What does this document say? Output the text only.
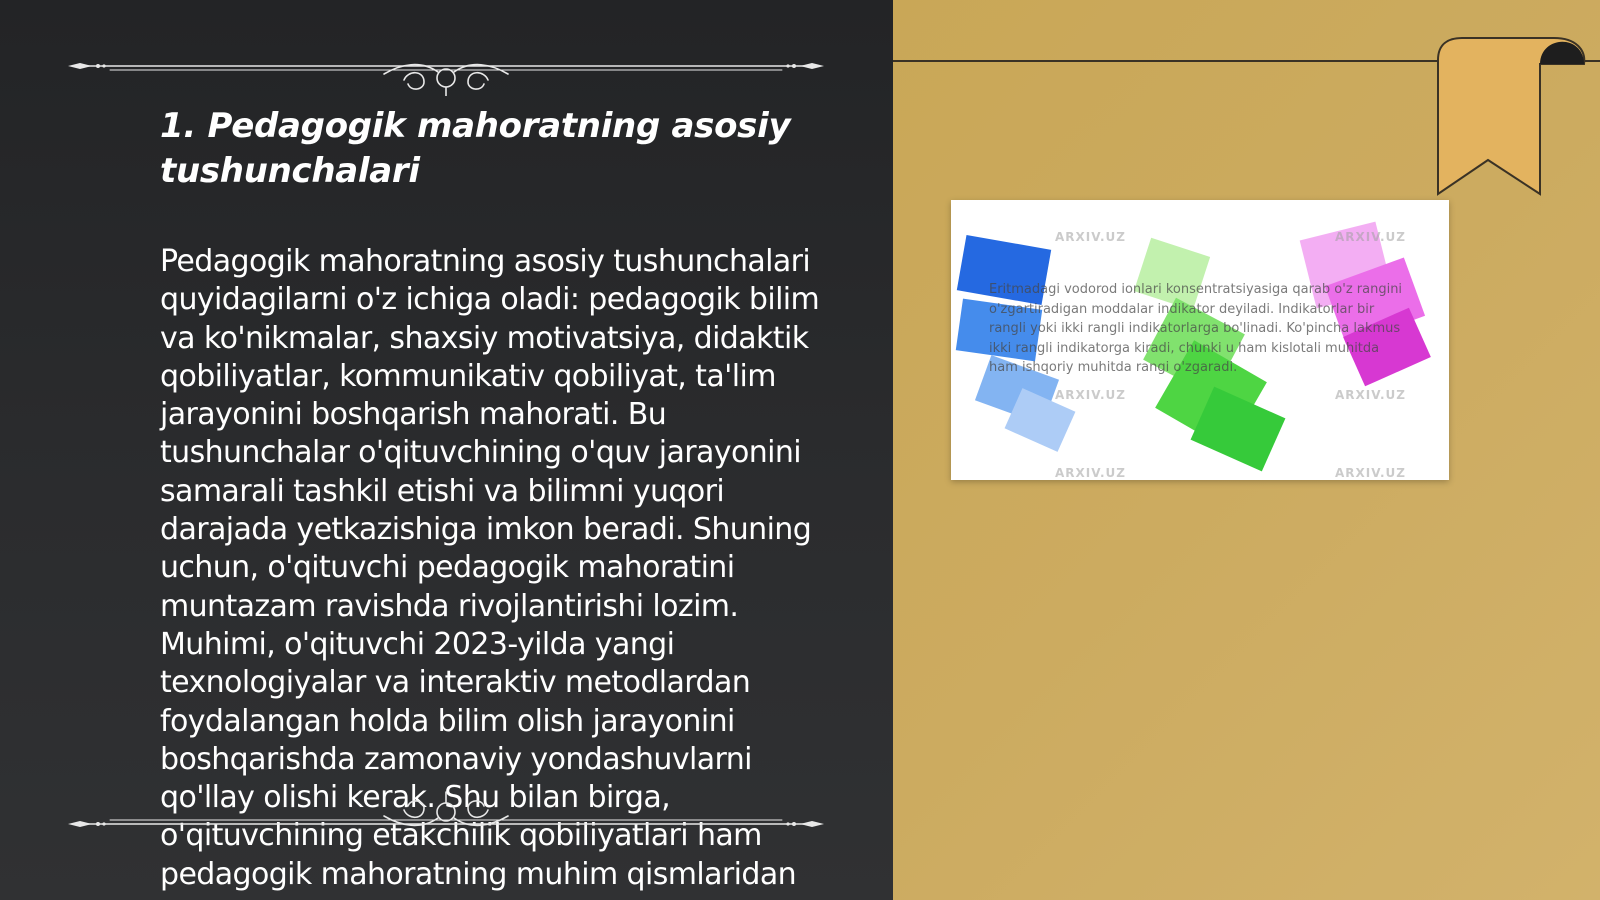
1. Pedagogik mahoratning asosiy tushunchalari

Pedagogik mahoratning asosiy tushunchalari quyidagilarni o'z ichiga oladi: pedagogik bilim va ko'nikmalar, shaxsiy motivatsiya, didaktik qobiliyatlar, kommunikativ qobiliyat, ta'lim jarayonini boshqarish mahorati. Bu tushunchalar o'qituvchining o'quv jarayonini samarali tashkil etishi va bilimni yuqori darajada yetkazishiga imkon beradi. Shuning uchun, o'qituvchi pedagogik mahoratini muntazam ravishda rivojlantirishi lozim. Muhimi, o'qituvchi 2023-yilda yangi texnologiyalar va interaktiv metodlardan foydalangan holda bilim olish jarayonini boshqarishda zamonaviy yondashuvlarni qo'llay olishi kerak. Shu bilan birga, o'qituvchining etakchilik qobiliyatlari ham pedagogik mahoratning muhim qismlaridan

ARXIV.UZ	ARXIV.UZ
ARXIV.UZ	ARXIV.UZ
ARXIV.UZ	ARXIV.UZ

Eritmadagi vodorod ionlari konsentratsiyasiga qarab o'z rangini o'zgartiradigan moddalar indikator deyiladi. Indikatorlar bir rangli yoki ikki rangli indikatorlarga bo'linadi. Ko'pincha lakmus ikki rangli indikatorga kiradi, chunki u ham kislotali muhitda ham ishqoriy muhitda rangi o'zgaradi.
